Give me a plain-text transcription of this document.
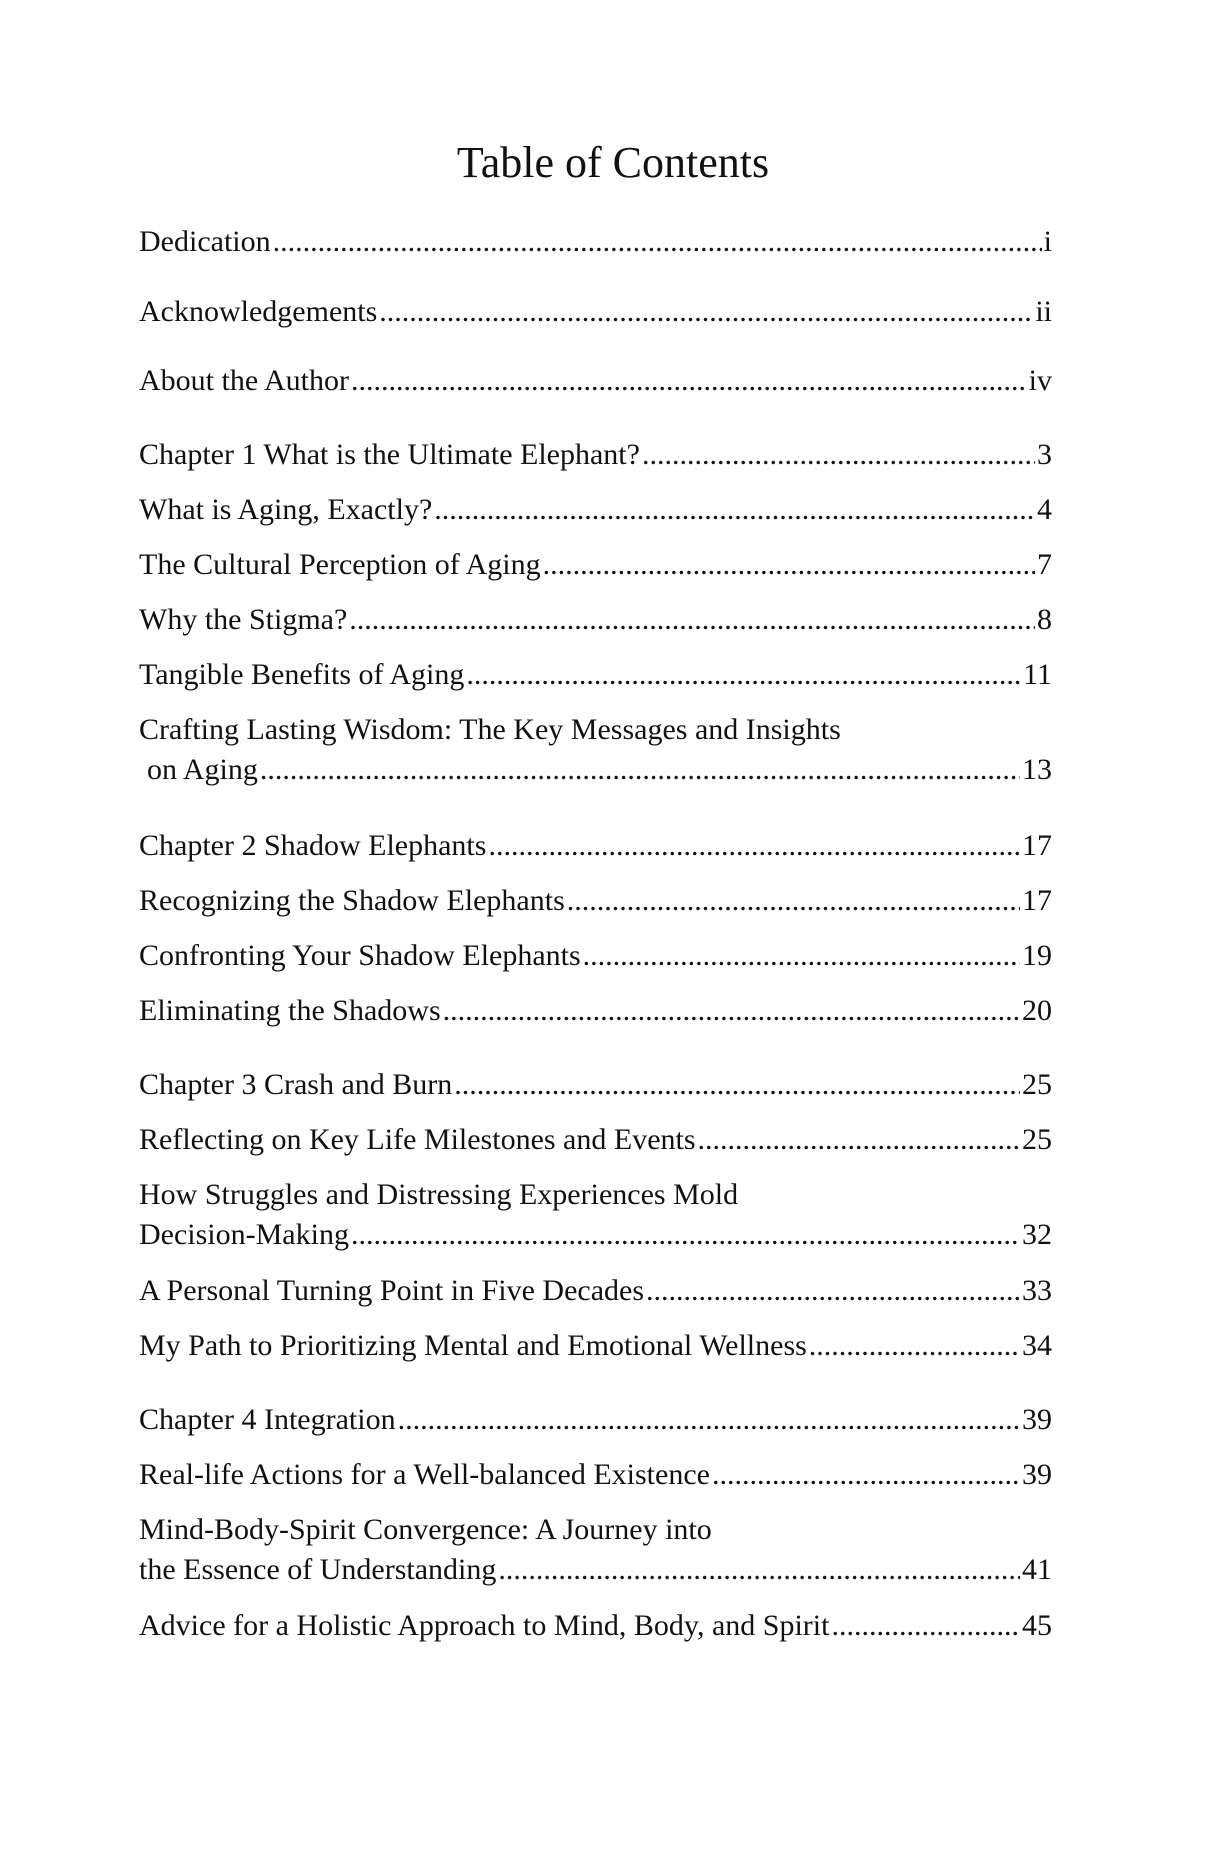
Table of Contents
Dedication .....	i
Acknowledgements .....	ii
About the Author .....	iv
Chapter 1 What is the Ultimate Elephant? .....	3
What is Aging, Exactly? .....	4
The Cultural Perception of Aging .....	7
Why the Stigma? .....	8
Tangible Benefits of Aging .....	11
Crafting Lasting Wisdom: The Key Messages and Insights
on Aging .....	13
Chapter 2 Shadow Elephants .....	17
Recognizing the Shadow Elephants .....	17
Confronting Your Shadow Elephants .....	19
Eliminating the Shadows .....	20
Chapter 3 Crash and Burn .....	25
Reflecting on Key Life Milestones and Events .....	25
How Struggles and Distressing Experiences Mold
Decision-Making .....	32
A Personal Turning Point in Five Decades .....	33
My Path to Prioritizing Mental and Emotional Wellness .....	34
Chapter 4 Integration .....	39
Real-life Actions for a Well-balanced Existence .....	39
Mind-Body-Spirit Convergence: A Journey into
the Essence of Understanding .....	41
Advice for a Holistic Approach to Mind, Body, and Spirit .....	45
